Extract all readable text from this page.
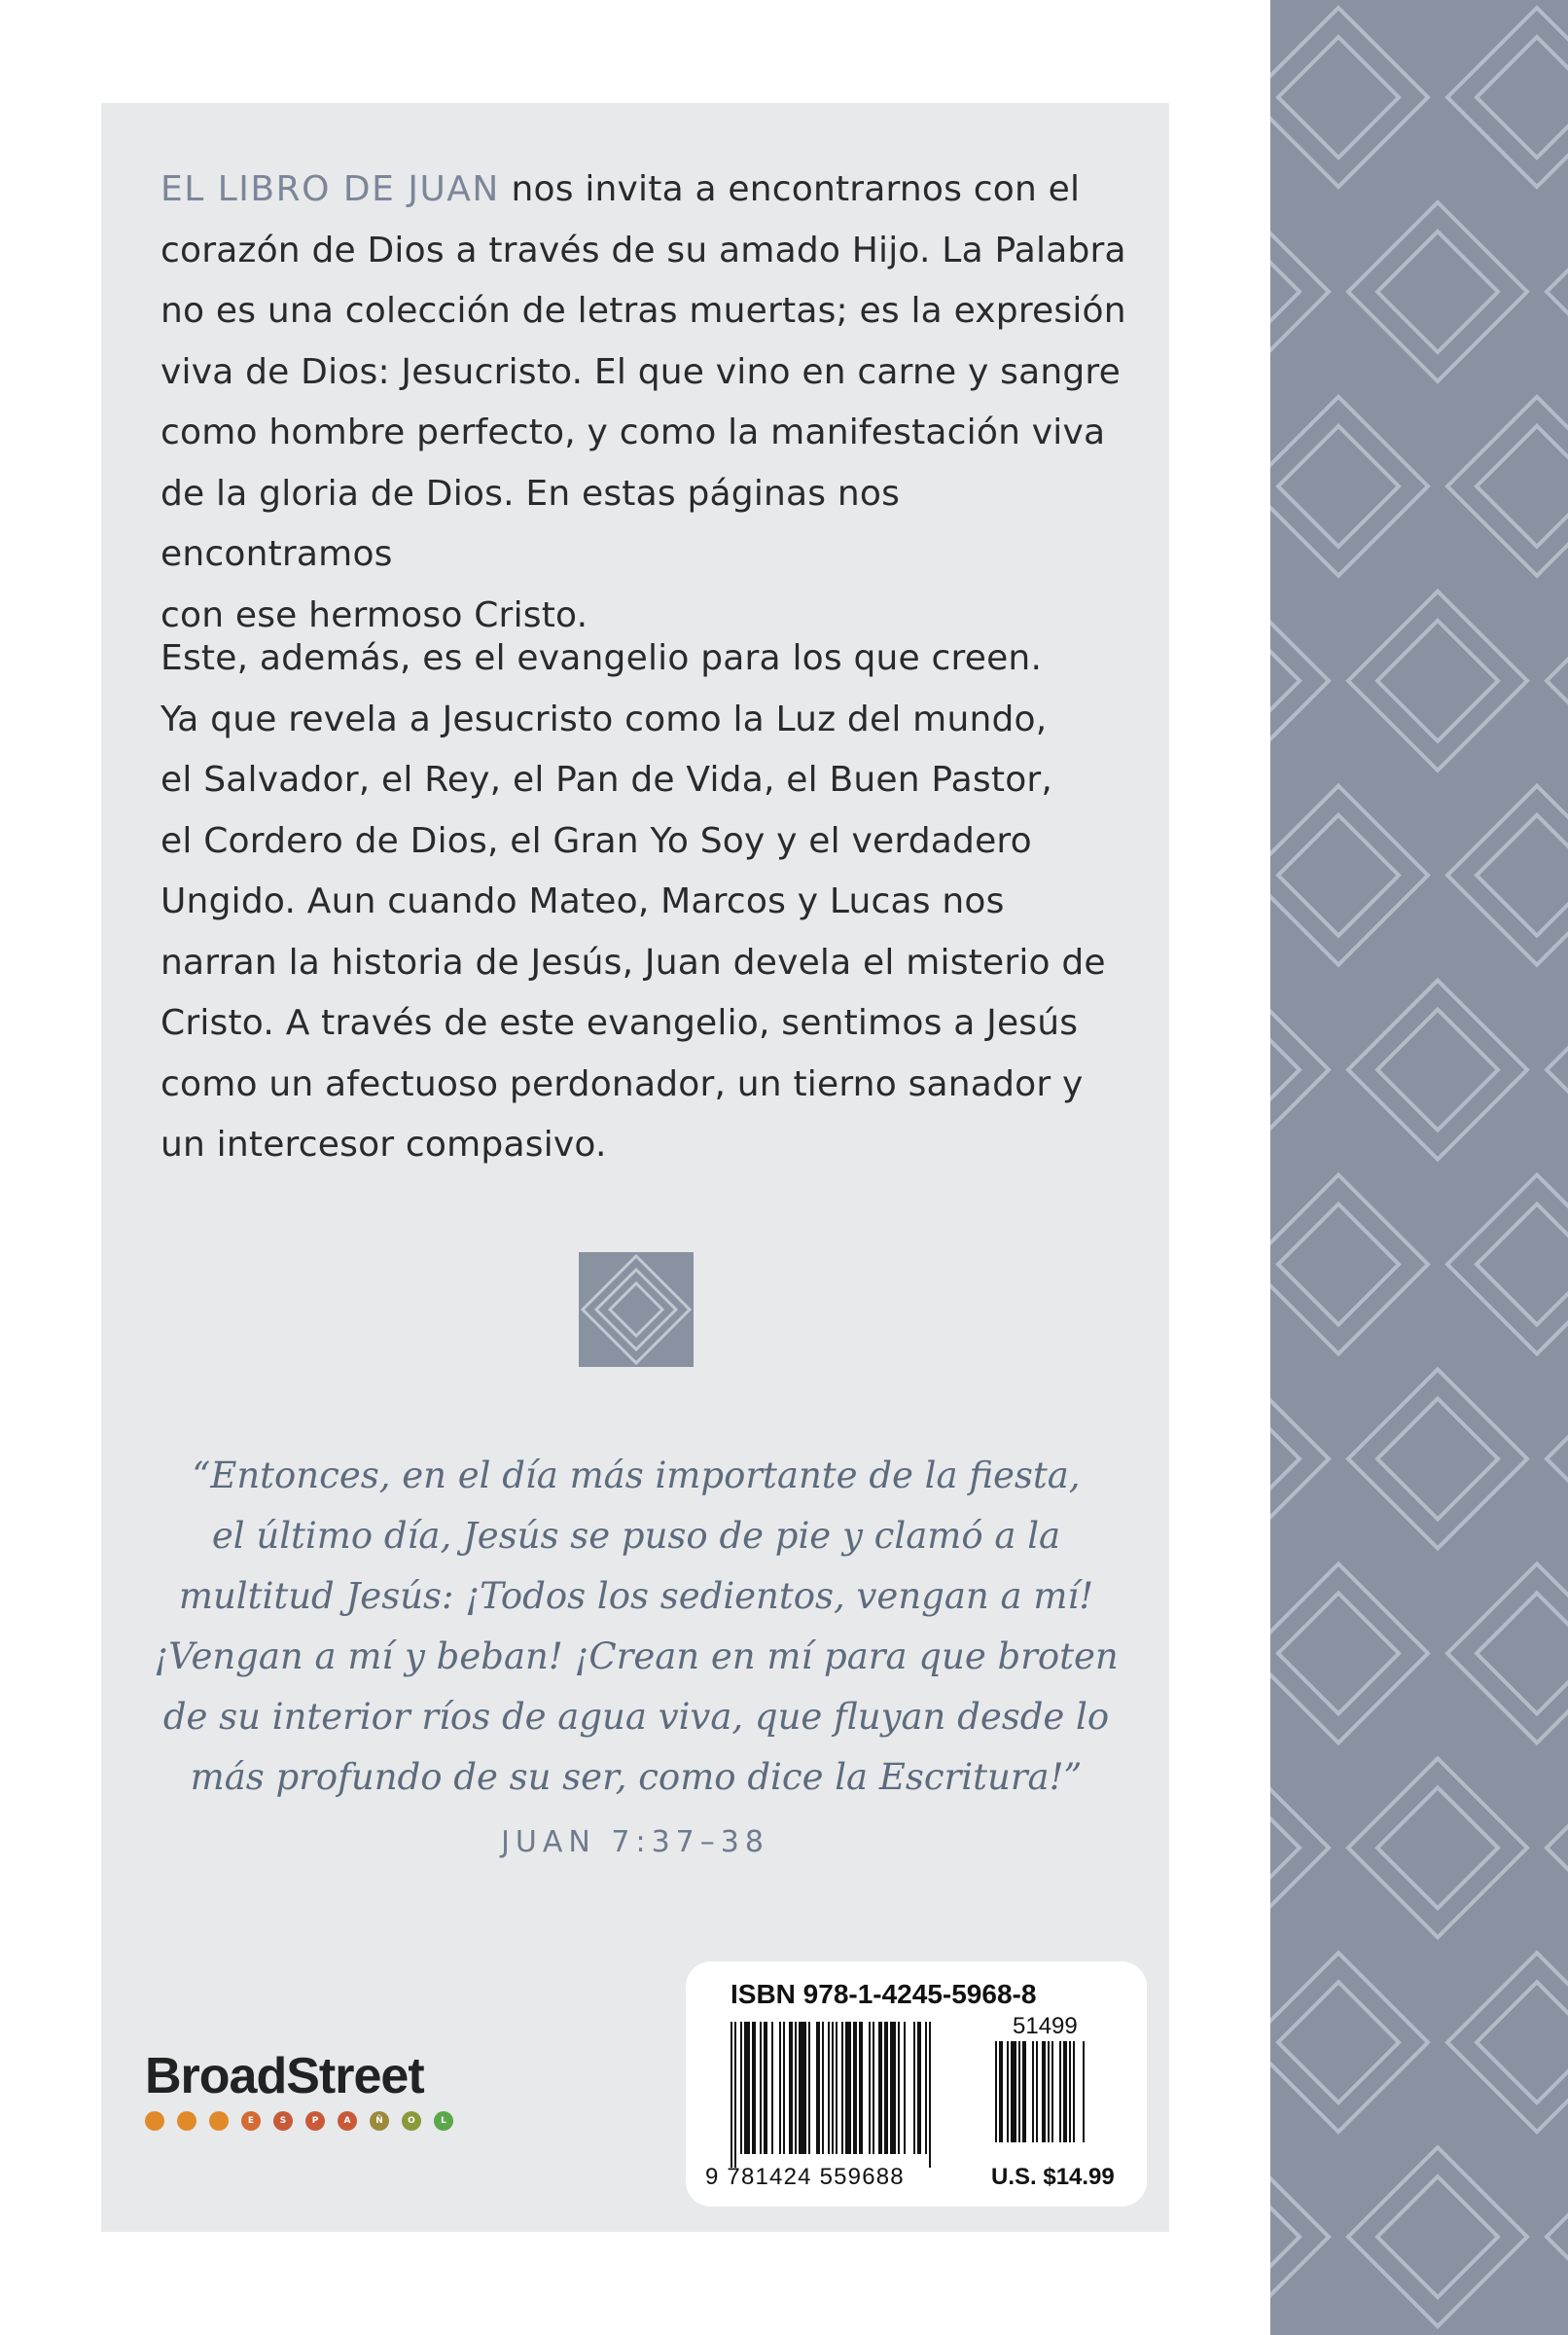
EL LIBRO DE JUAN nos invita a encontrarnos con el
corazón de Dios a través de su amado Hijo. La Palabra
no es una colección de letras muertas; es la expresión
viva de Dios: Jesucristo. El que vino en carne y sangre
como hombre perfecto, y como la manifestación viva
de la gloria de Dios. En estas páginas nos encontramos
con ese hermoso Cristo.

Este, además, es el evangelio para los que creen.
Ya que revela a Jesucristo como la Luz del mundo,
el Salvador, el Rey, el Pan de Vida, el Buen Pastor,
el Cordero de Dios, el Gran Yo Soy y el verdadero
Ungido. Aun cuando Mateo, Marcos y Lucas nos
narran la historia de Jesús, Juan devela el misterio de
Cristo. A través de este evangelio, sentimos a Jesús
como un afectuoso perdonador, un tierno sanador y
un intercesor compasivo.

“Entonces, en el día más importante de la fiesta,
el último día, Jesús se puso de pie y clamó a la
multitud Jesús: ¡Todos los sedientos, vengan a mí!
¡Vengan a mí y beban! ¡Crean en mí para que broten
de su interior ríos de agua viva, que fluyan desde lo
más profundo de su ser, como dice la Escritura!”

JUAN 7:37–38

BroadStreet
E	S	P	A	Ñ	O	L

ISBN 978-1-4245-5968-8

51499

9 781424 559688	U.S. $14.99
